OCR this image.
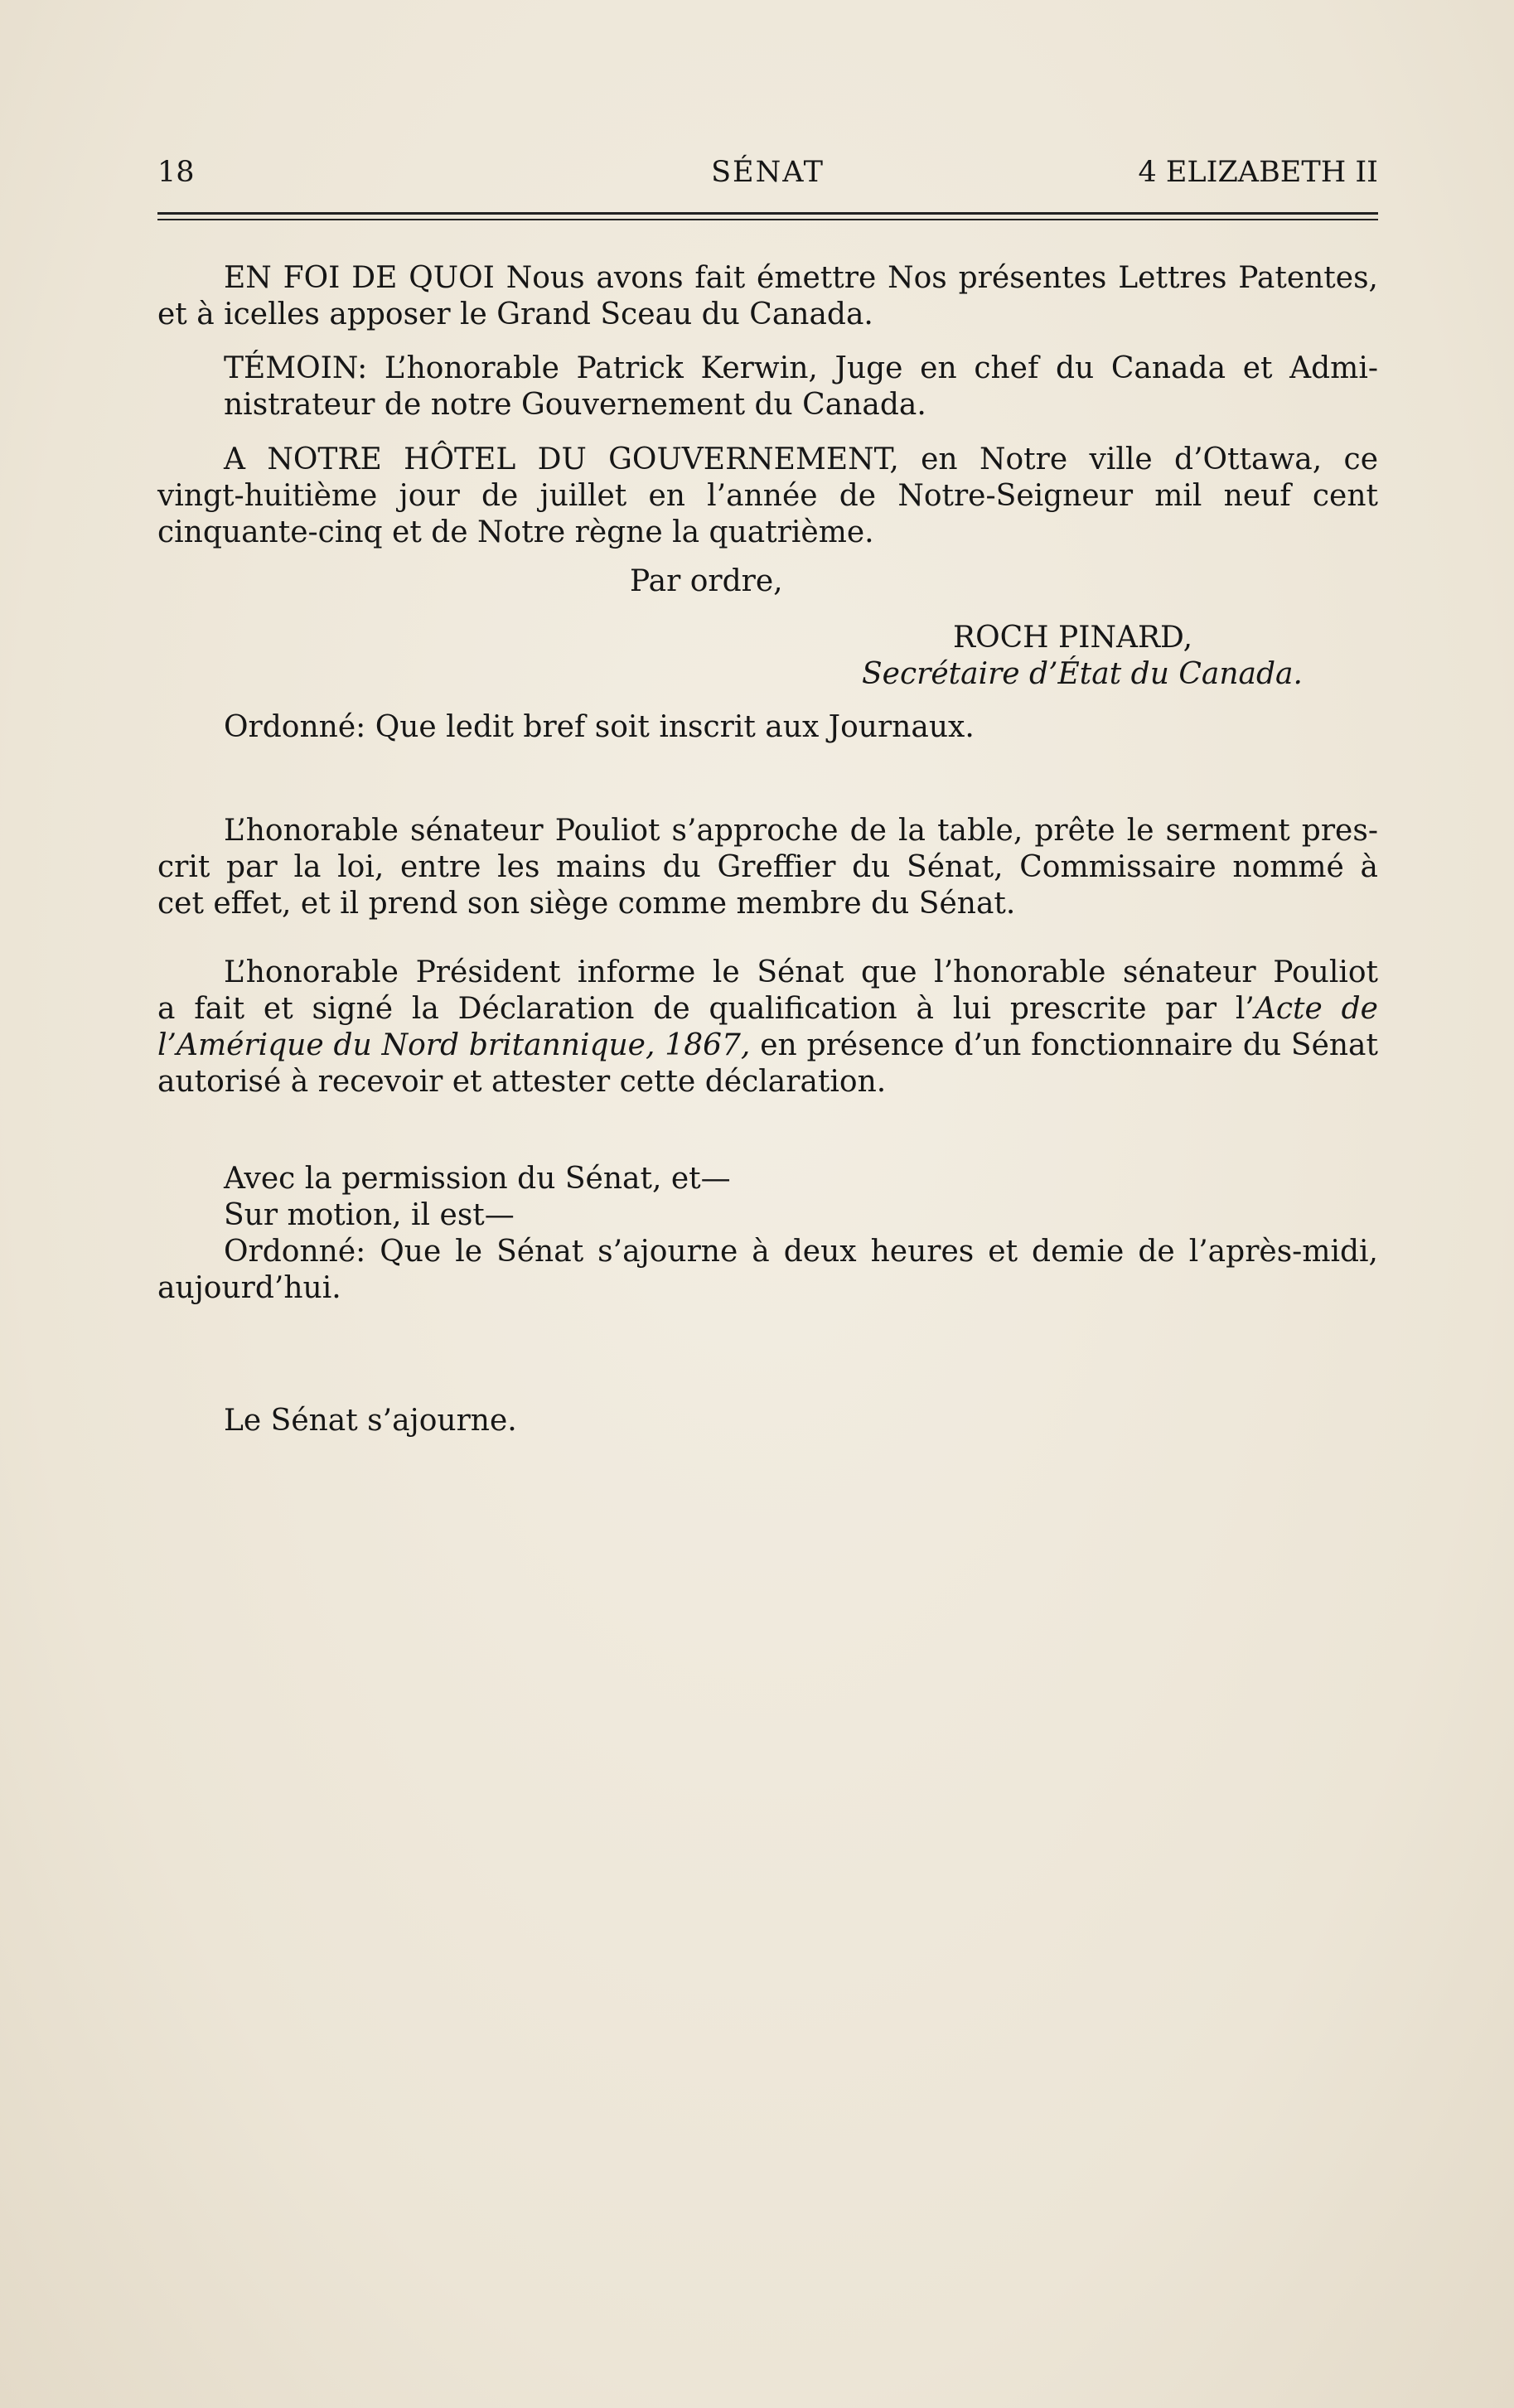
18	SÉNAT	4 ELIZABETH II

EN FOI DE QUOI Nous avons fait émettre Nos présentes Lettres Patentes,

et à icelles apposer le Grand Sceau du Canada.

TÉMOIN: L’honorable Patrick Kerwin, Juge en chef du Canada et Admi-

nistrateur de notre Gouvernement du Canada.

A NOTRE HÔTEL DU GOUVERNEMENT, en Notre ville d’Ottawa, ce

vingt-huitième jour de juillet en l’année de Notre-Seigneur mil neuf cent

cinquante-cinq et de Notre règne la quatrième.

Par ordre,
ROCH PINARD,
Secrétaire d’État du Canada.

Ordonné: Que ledit bref soit inscrit aux Journaux.

L’honorable sénateur Pouliot s’approche de la table, prête le serment pres-

crit par la loi, entre les mains du Greffier du Sénat, Commissaire nommé à

cet effet, et il prend son siège comme membre du Sénat.

L’honorable Président informe le Sénat que l’honorable sénateur Pouliot

a fait et signé la Déclaration de qualification à lui prescrite par l’Acte de

l’Amérique du Nord britannique, 1867, en présence d’un fonctionnaire du Sénat

autorisé à recevoir et attester cette déclaration.

Avec la permission du Sénat, et—

Sur motion, il est—

Ordonné: Que le Sénat s’ajourne à deux heures et demie de l’après-midi,

aujourd’hui.

Le Sénat s’ajourne.
